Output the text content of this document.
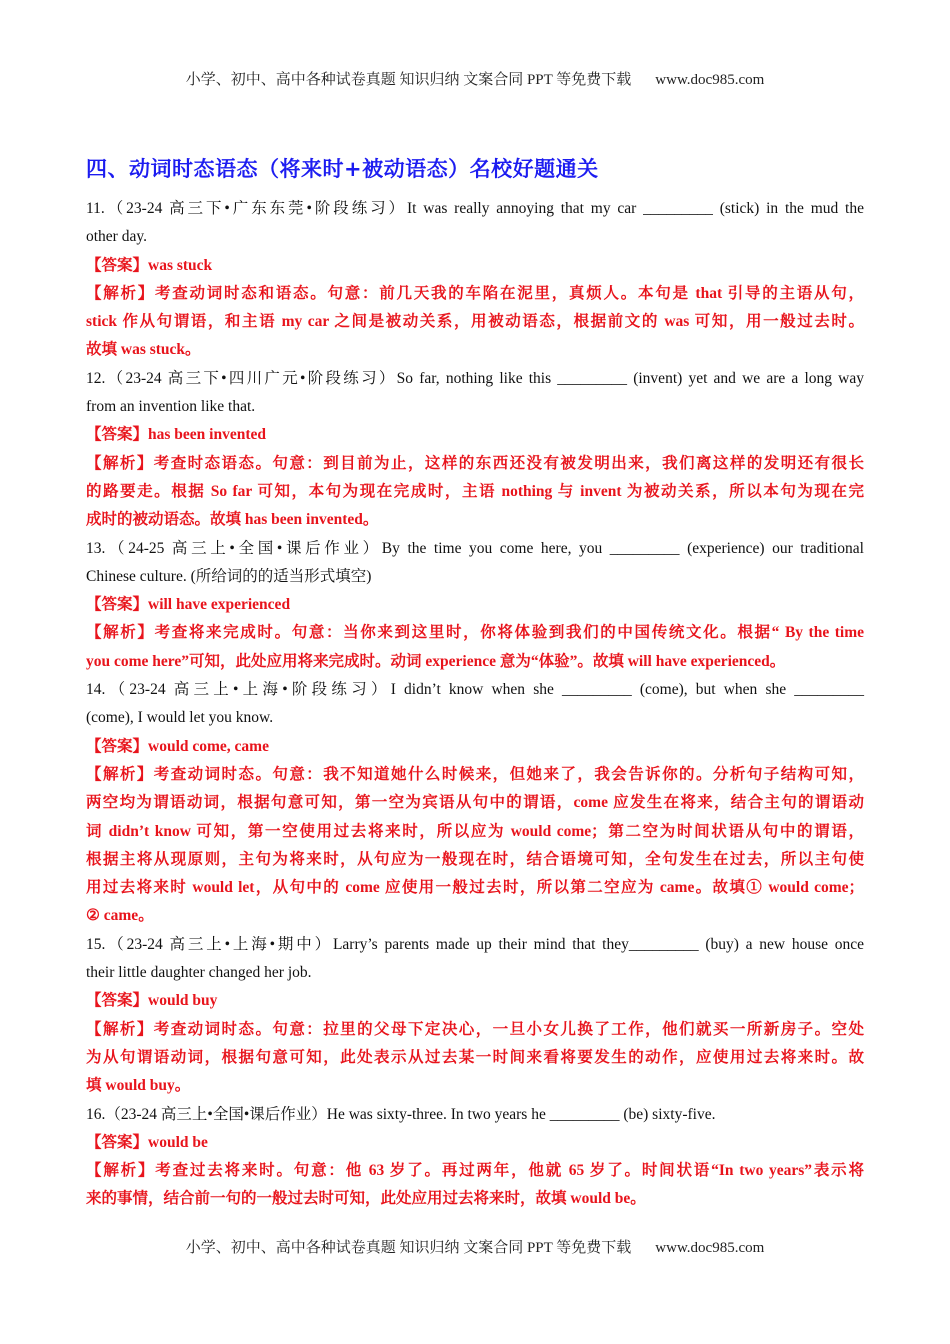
小学、初中、高中各种试卷真题 知识归纳 文案合同 PPT 等免费下载 www.doc985.com
四、动词时态语态（将来时+被动语态）名校好题通关
11.（23-24 高三下•广东东莞•阶段练习）It was really annoying that my car _________ (stick) in the mud the
other day.
【答案】was stuck
【解析】考查动词时态和语态。句意：前几天我的车陷在泥里，真烦人。本句是 that 引导的主语从句，
stick 作从句谓语，和主语 my car 之间是被动关系，用被动语态，根据前文的 was 可知，用一般过去时。
故填 was stuck。
12.（23-24 高三下•四川广元•阶段练习）So far, nothing like this _________ (invent) yet and we are a long way
from an invention like that.
【答案】has been invented
【解析】考查时态语态。句意：到目前为止，这样的东西还没有被发明出来，我们离这样的发明还有很长
的路要走。根据 So far 可知，本句为现在完成时，主语 nothing 与 invent 为被动关系，所以本句为现在完
成时的被动语态。故填 has been invented。
13.（24-25 高三上•全国•课后作业）By the time you come here, you _________ (experience) our traditional
Chinese culture. (所给词的的适当形式填空)
【答案】will have experienced
【解析】考查将来完成时。句意：当你来到这里时，你将体验到我们的中国传统文化。根据“ By the time
you come here”可知，此处应用将来完成时。动词 experience 意为“体验”。故填 will have experienced。
14.（23-24 高三上•上海•阶段练习）I didn’t know when she _________ (come), but when she _________
(come), I would let you know.
【答案】would come, came
【解析】考查动词时态。句意：我不知道她什么时候来，但她来了，我会告诉你的。分析句子结构可知，
两空均为谓语动词，根据句意可知，第一空为宾语从句中的谓语，come 应发生在将来，结合主句的谓语动
词 didn’t know 可知，第一空使用过去将来时，所以应为 would come；第二空为时间状语从句中的谓语，
根据主将从现原则，主句为将来时，从句应为一般现在时，结合语境可知，全句发生在过去，所以主句使
用过去将来时 would let，从句中的 come 应使用一般过去时，所以第二空应为 came。故填① would come；
② came。
15.（23-24 高三上•上海•期中）Larry’s parents made up their mind that they_________ (buy) a new house once
their little daughter changed her job.
【答案】would buy
【解析】考查动词时态。句意：拉里的父母下定决心，一旦小女儿换了工作，他们就买一所新房子。空处
为从句谓语动词，根据句意可知，此处表示从过去某一时间来看将要发生的动作，应使用过去将来时。故
填 would buy。
16.（23-24 高三上•全国•课后作业）He was sixty-three. In two years he _________ (be) sixty-five.
【答案】would be
【解析】考查过去将来时。句意：他 63 岁了。再过两年，他就 65 岁了。时间状语“In two years”表示将
来的事情，结合前一句的一般过去时可知，此处应用过去将来时，故填 would be。
小学、初中、高中各种试卷真题 知识归纳 文案合同 PPT 等免费下载 www.doc985.com
